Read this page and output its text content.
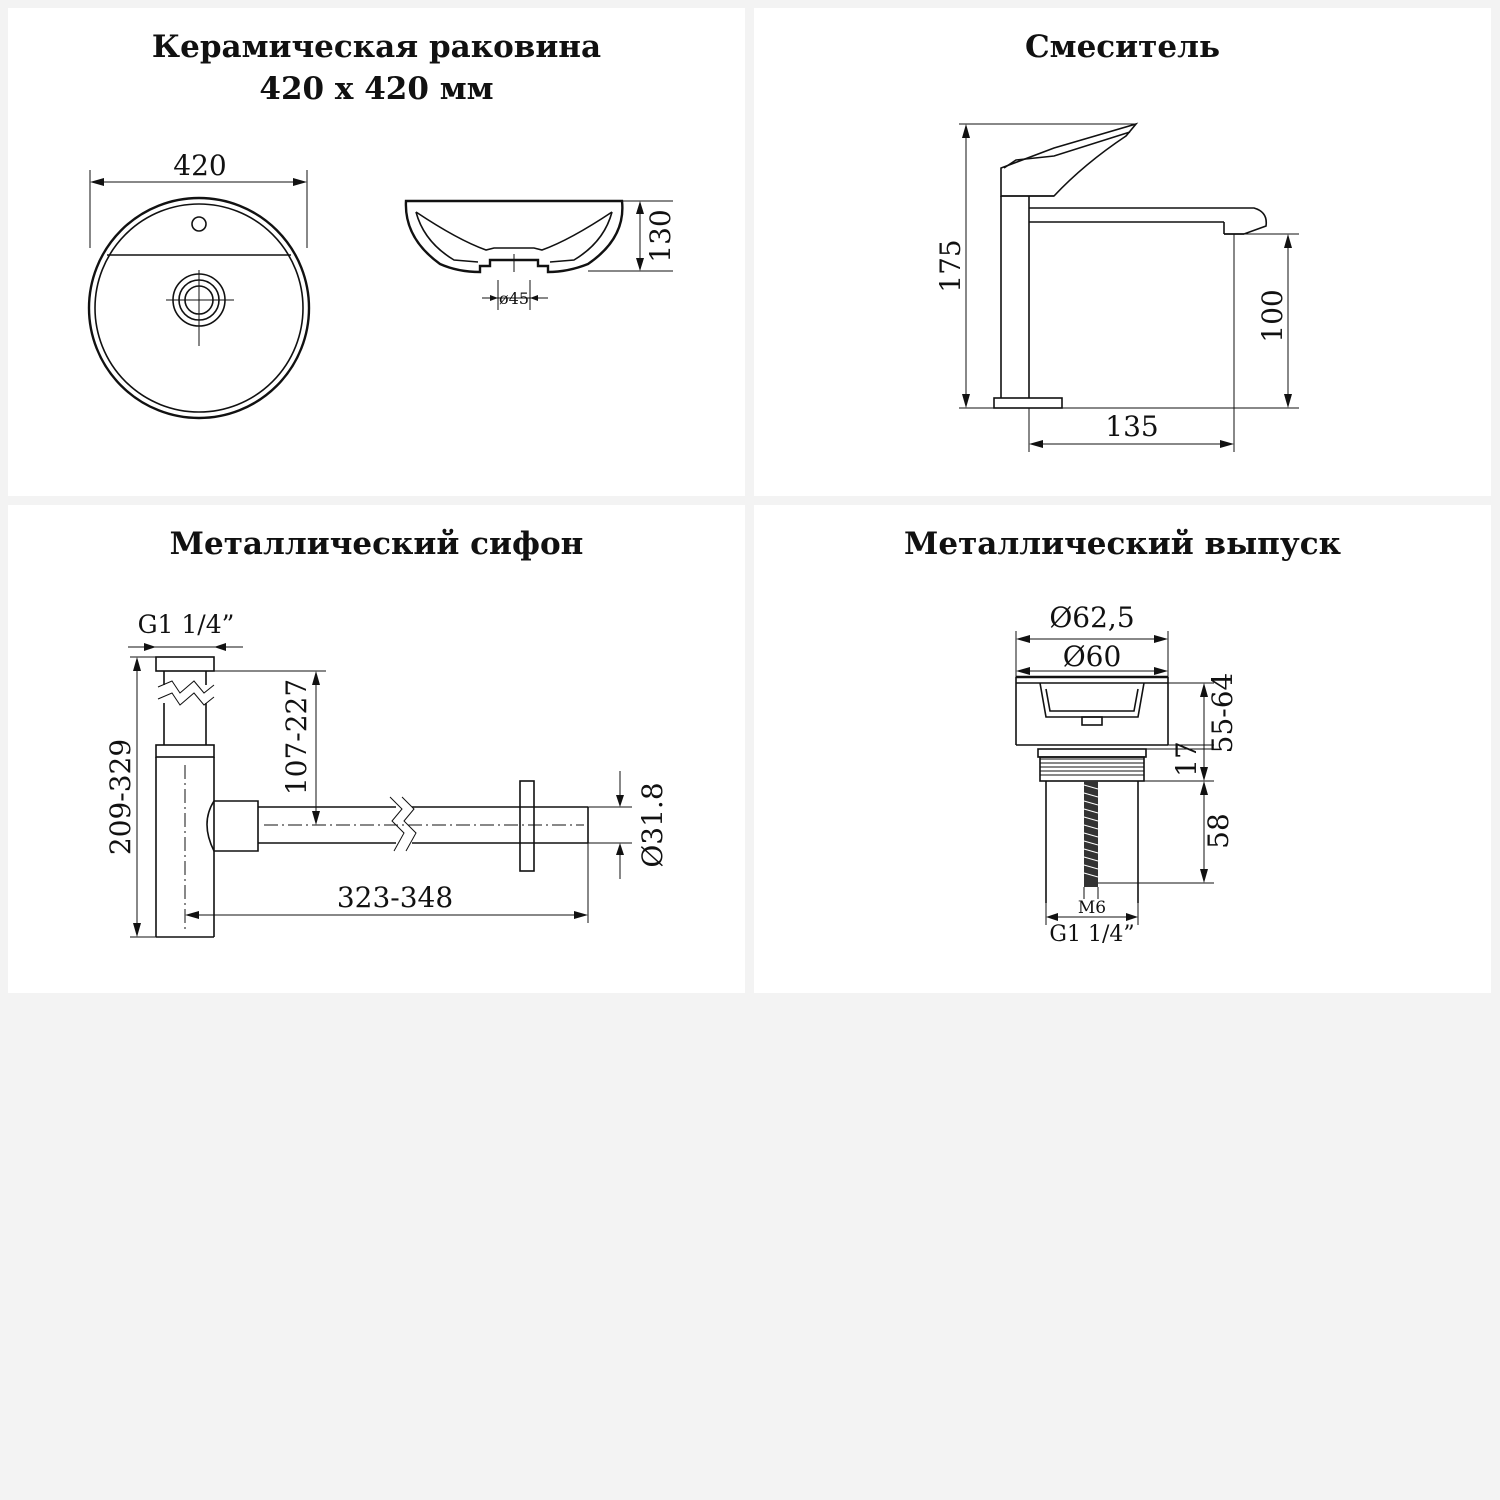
Керамическая раковина
420 х 420 мм
420
130
ø45
Смеситель
175
100
135
Металлический сифон
G1 1/4”
209-329
107-227
Ø31.8
323-348
Металлический выпуск
Ø62,5
Ø60
55-64
17
58
M6
G1 1/4”
